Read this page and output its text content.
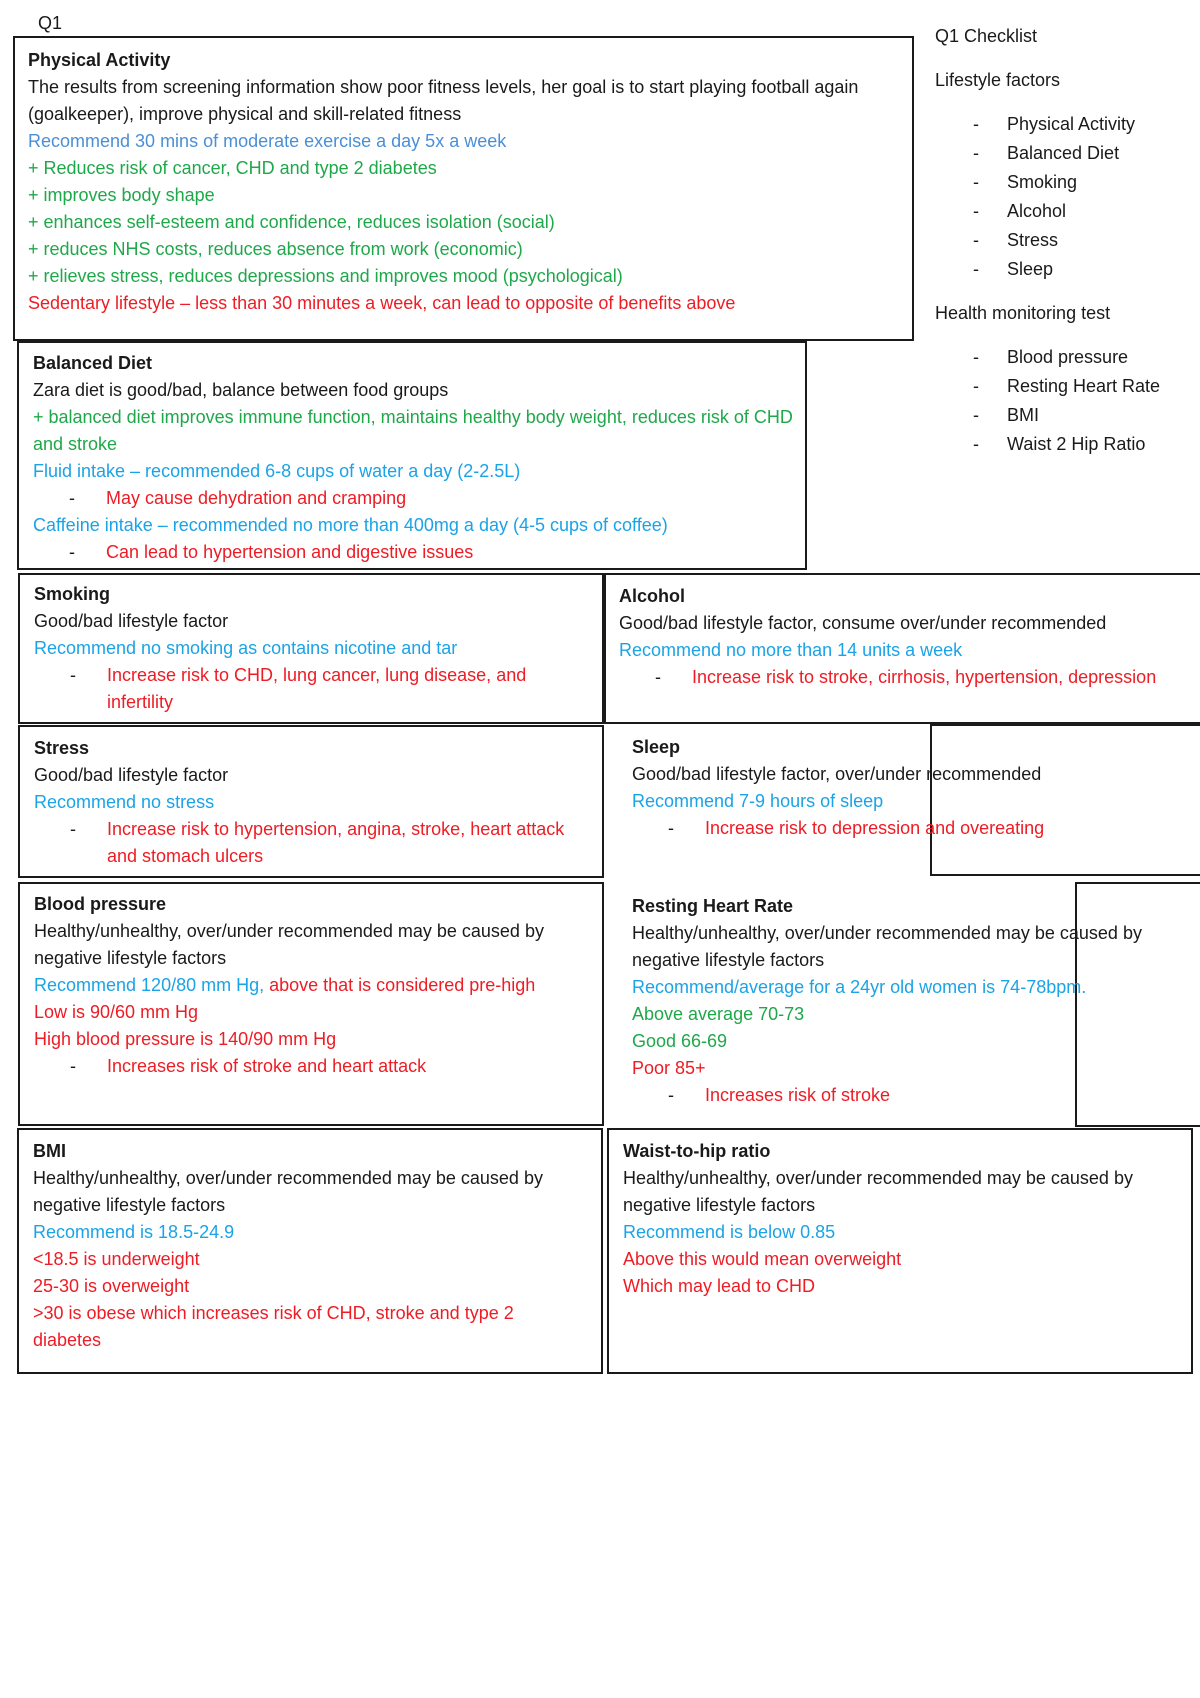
Q1
Physical Activity
The results from screening information show poor fitness levels, her goal is to start playing football again (goalkeeper), improve physical and skill-related fitness
Recommend 30 mins of moderate exercise a day 5x a week
+ Reduces risk of cancer, CHD and type 2 diabetes
+ improves body shape
+ enhances self-esteem and confidence, reduces isolation (social)
+ reduces NHS costs, reduces absence from work (economic)
+ relieves stress, reduces depressions and improves mood (psychological)
Sedentary lifestyle – less than 30 minutes a week, can lead to opposite of benefits above
Balanced Diet
Zara diet is good/bad, balance between food groups
+ balanced diet improves immune function, maintains healthy body weight, reduces risk of CHD and stroke
Fluid intake – recommended 6-8 cups of water a day (2-2.5L)
- May cause dehydration and cramping
Caffeine intake – recommended no more than 400mg a day (4-5 cups of coffee)
- Can lead to hypertension and digestive issues
Smoking
Good/bad lifestyle factor
Recommend no smoking as contains nicotine and tar
- Increase risk to CHD, lung cancer, lung disease, and infertility
Alcohol
Good/bad lifestyle factor, consume over/under recommended
Recommend no more than 14 units a week
- Increase risk to stroke, cirrhosis, hypertension, depression
Stress
Good/bad lifestyle factor
Recommend no stress
- Increase risk to hypertension, angina, stroke, heart attack and stomach ulcers
Sleep
Good/bad lifestyle factor, over/under recommended
Recommend 7-9 hours of sleep
- Increase risk to depression and overeating
Blood pressure
Healthy/unhealthy, over/under recommended may be caused by negative lifestyle factors
Recommend 120/80 mm Hg, above that is considered pre-high
Low is 90/60 mm Hg
High blood pressure is 140/90 mm Hg
- Increases risk of stroke and heart attack
Resting Heart Rate
Healthy/unhealthy, over/under recommended may be caused by negative lifestyle factors
Recommend/average for a 24yr old women is 74-78bpm.
Above average 70-73
Good 66-69
Poor 85+
- Increases risk of stroke
BMI
Healthy/unhealthy, over/under recommended may be caused by negative lifestyle factors
Recommend is 18.5-24.9
<18.5 is underweight
25-30 is overweight
>30 is obese which increases risk of CHD, stroke and type 2 diabetes
Waist-to-hip ratio
Healthy/unhealthy, over/under recommended may be caused by negative lifestyle factors
Recommend is below 0.85
Above this would mean overweight
Which may lead to CHD
Q1 Checklist
Lifestyle factors
- Physical Activity
- Balanced Diet
- Smoking
- Alcohol
- Stress
- Sleep
Health monitoring test
- Blood pressure
- Resting Heart Rate
- BMI
- Waist 2 Hip Ratio
